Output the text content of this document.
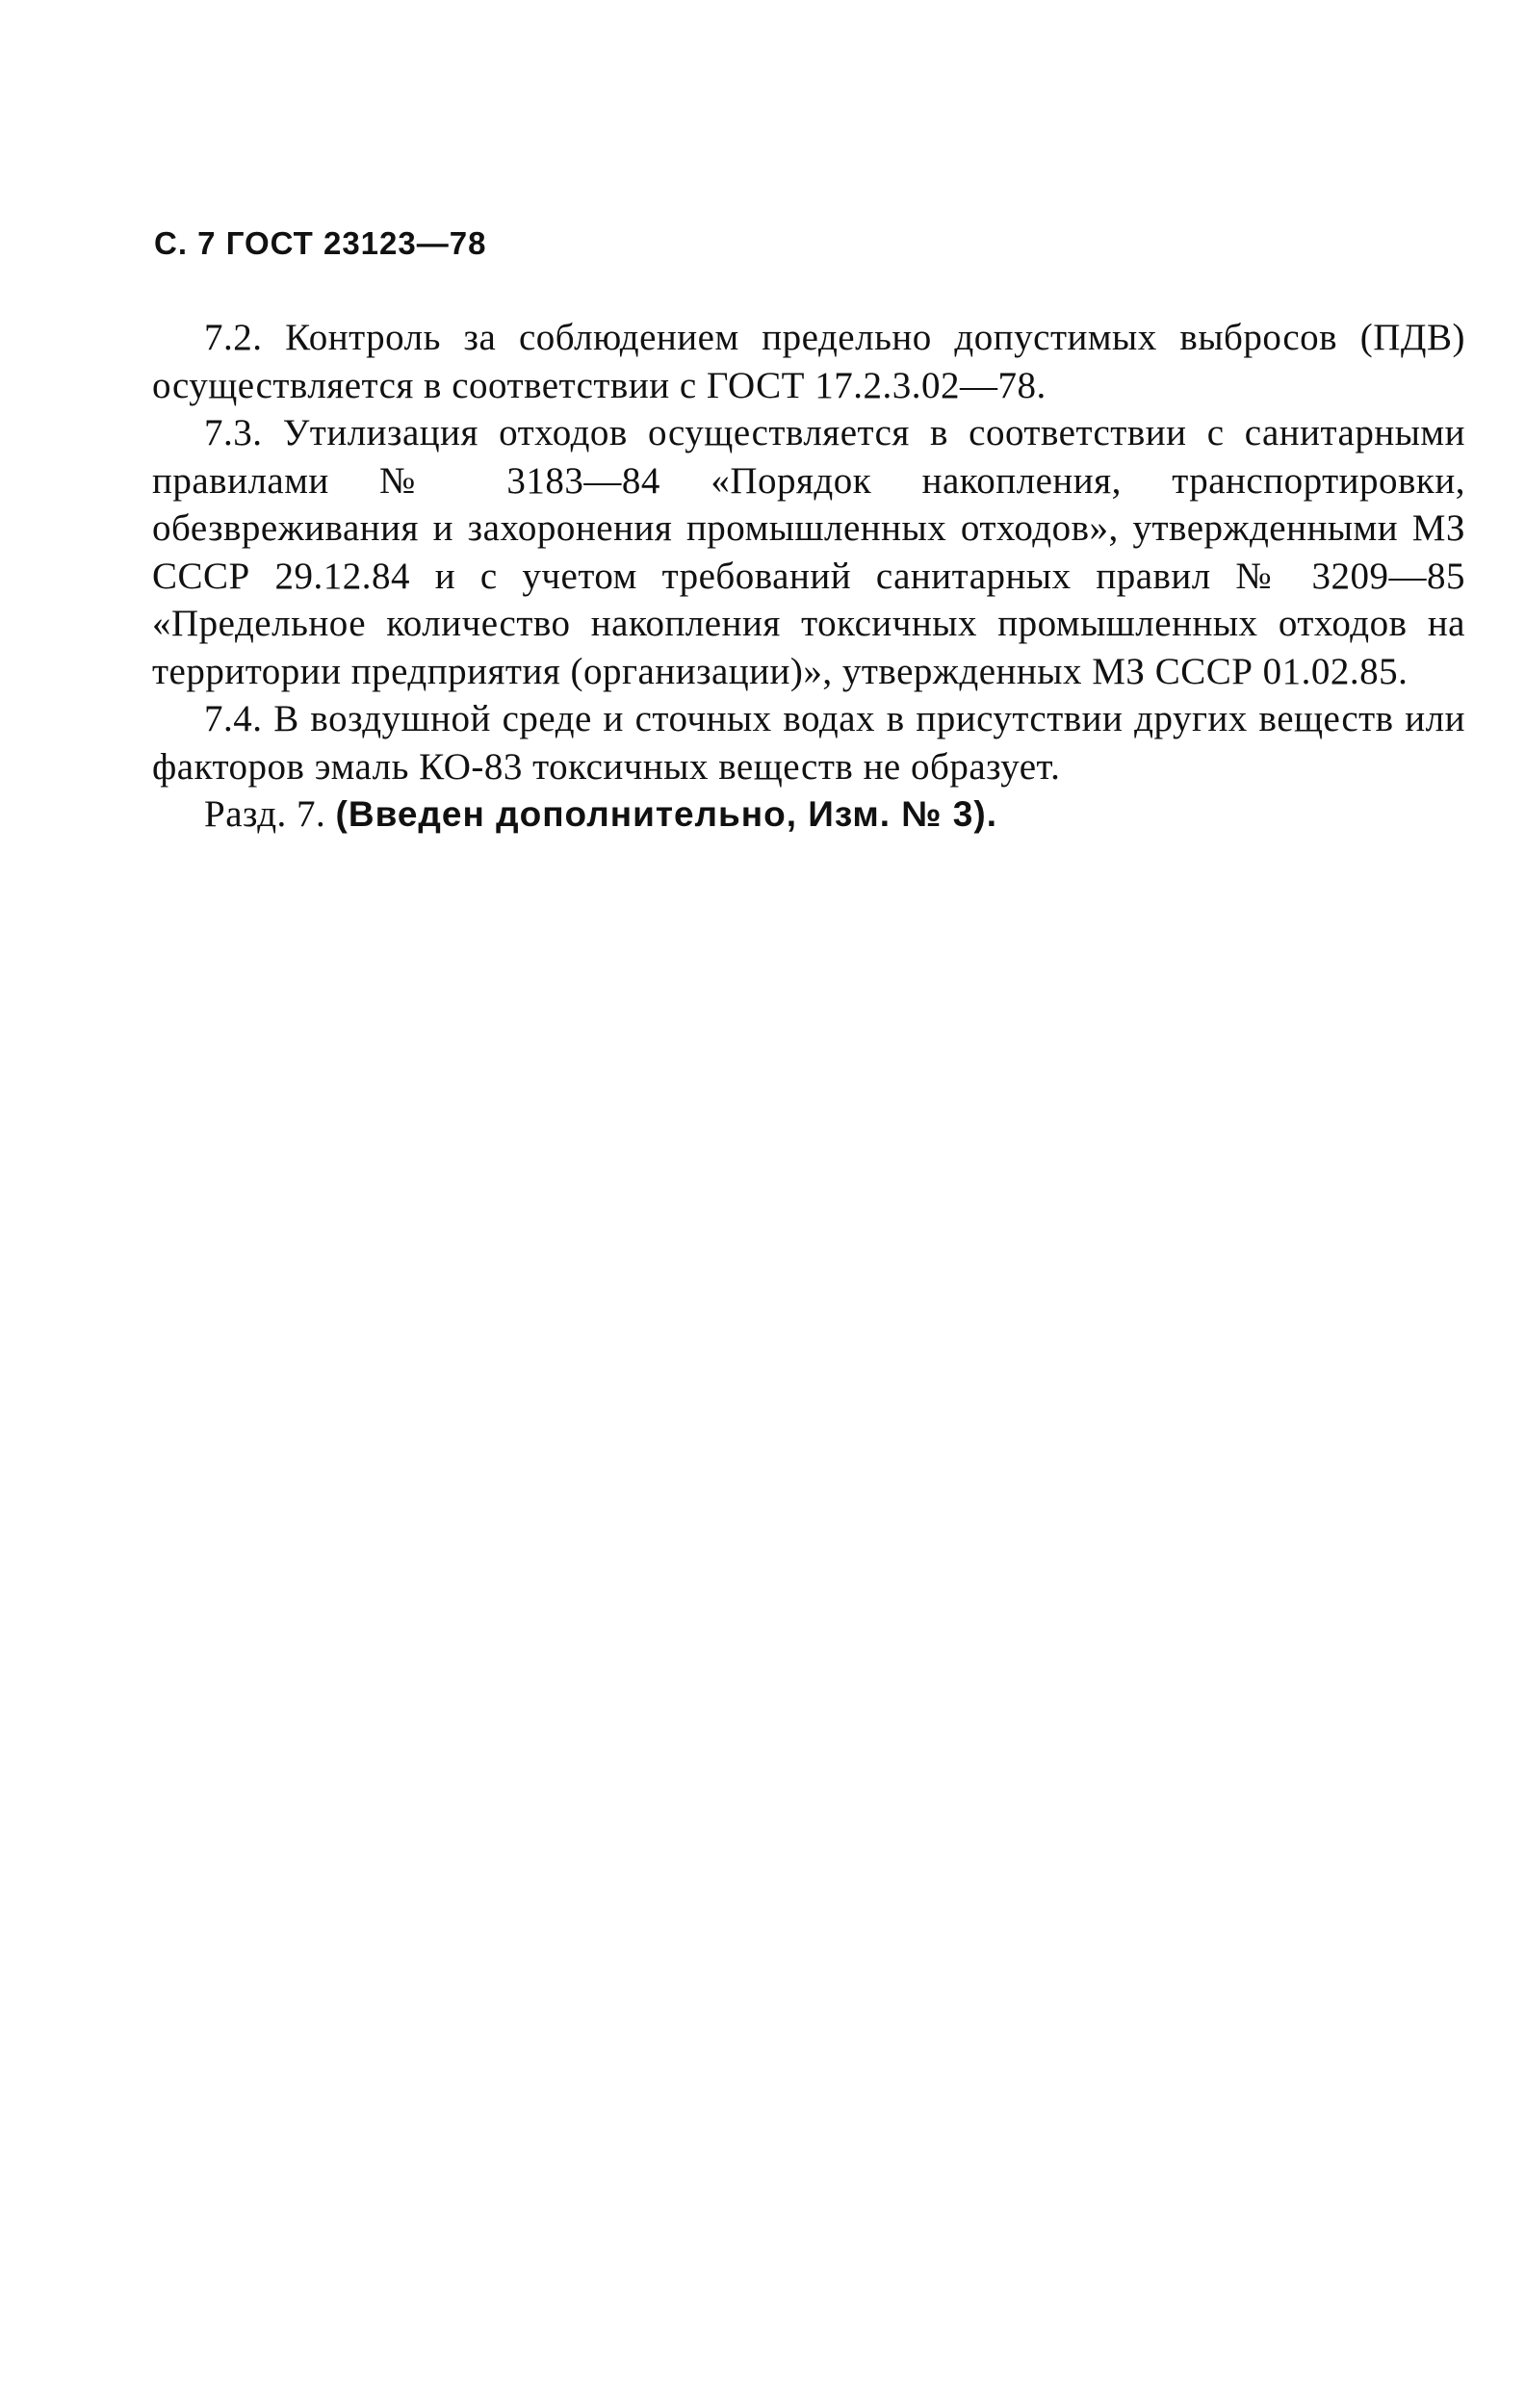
С. 7 ГОСТ 23123—78

7.2. Контроль за соблюдением предельно допустимых выбросов (ПДВ) осуществляется в соответствии с ГОСТ 17.2.3.02—78.

7.3. Утилизация отходов осуществляется в соответствии с санитарными правилами № 3183—84 «Порядок накопления, транспортировки, обезвреживания и захоронения промышленных отходов», утвержденными МЗ СССР 29.12.84 и с учетом требований санитарных правил № 3209—85 «Предельное количество накопления токсичных промышленных отходов на территории предприятия (организации)», утвержденных МЗ СССР 01.02.85.

7.4. В воздушной среде и сточных водах в присутствии других веществ или факторов эмаль КО-83 токсичных веществ не образует.

Разд. 7. (Введен дополнительно, Изм. № 3).
